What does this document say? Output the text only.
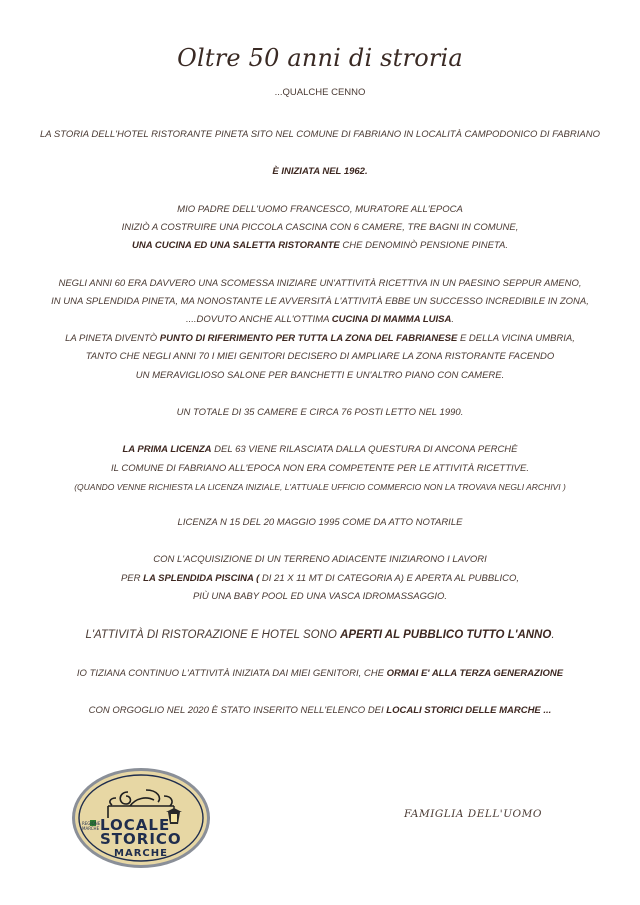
Oltre 50 anni di stroria
...QUALCHE CENNO
LA STORIA DELL'HOTEL RISTORANTE PINETA SITO NEL COMUNE DI FABRIANO IN LOCALITÀ CAMPODONICO DI FABRIANO
È INIZIATA NEL 1962.
MIO PADRE DELL'UOMO FRANCESCO, MURATORE ALL'EPOCA
INIZIÒ A COSTRUIRE UNA PICCOLA CASCINA CON 6 CAMERE, TRE BAGNI IN COMUNE,
UNA CUCINA ED UNA SALETTA RISTORANTE CHE DENOMINÒ PENSIONE PINETA.
NEGLI ANNI 60 ERA DAVVERO UNA SCOMESSA INIZIARE UN'ATTIVITÀ RICETTIVA IN UN PAESINO SEPPUR AMENO,
IN UNA SPLENDIDA PINETA, MA NONOSTANTE LE AVVERSITÀ L'ATTIVITÀ EBBE UN SUCCESSO INCREDIBILE IN ZONA,
....DOVUTO ANCHE ALL'OTTIMA CUCINA DI MAMMA LUISA.
LA PINETA DIVENTÒ PUNTO DI RIFERIMENTO PER TUTTA LA ZONA DEL FABRIANESE E DELLA VICINA UMBRIA,
TANTO CHE NEGLI ANNI 70 I MIEI GENITORI DECISERO DI AMPLIARE LA ZONA RISTORANTE FACENDO
UN MERAVIGLIOSO SALONE PER BANCHETTI E UN'ALTRO PIANO CON CAMERE.
UN TOTALE DI 35 CAMERE E CIRCA 76 POSTI LETTO NEL 1990.
LA PRIMA LICENZA DEL 63 VIENE RILASCIATA DALLA QUESTURA DI ANCONA PERCHÈ
IL COMUNE DI FABRIANO ALL'EPOCA NON ERA COMPETENTE PER LE ATTIVITÀ RICETTIVE.
(QUANDO VENNE RICHIESTA LA LICENZA INIZIALE, L'ATTUALE UFFICIO COMMERCIO NON LA TROVAVA NEGLI ARCHIVI )
LICENZA N 15 DEL 20 MAGGIO 1995 COME DA ATTO NOTARILE
CON L'ACQUISIZIONE DI UN TERRENO ADIACENTE INIZIARONO I LAVORI
PER LA SPLENDIDA PISCINA ( DI 21 X 11 MT DI CATEGORIA A) E APERTA AL PUBBLICO,
PIÙ UNA BABY POOL ED UNA VASCA IDROMASSAGGIO.
L'ATTIVITÀ DI RISTORAZIONE E HOTEL SONO APERTI AL PUBBLICO TUTTO L'ANNO.
IO TIZIANA CONTINUO L'ATTIVITÀ INIZIATA DAI MIEI GENITORI, CHE ORMAI E' ALLA TERZA GENERAZIONE
CON ORGOGLIO NEL 2020 È STATO INSERITO NELL'ELENCO DEI LOCALI STORICI DELLE MARCHE ...
REGIONE
MARCHE LOCALE
STORICO
MARCHE
FAMIGLIA DELL'UOMO
